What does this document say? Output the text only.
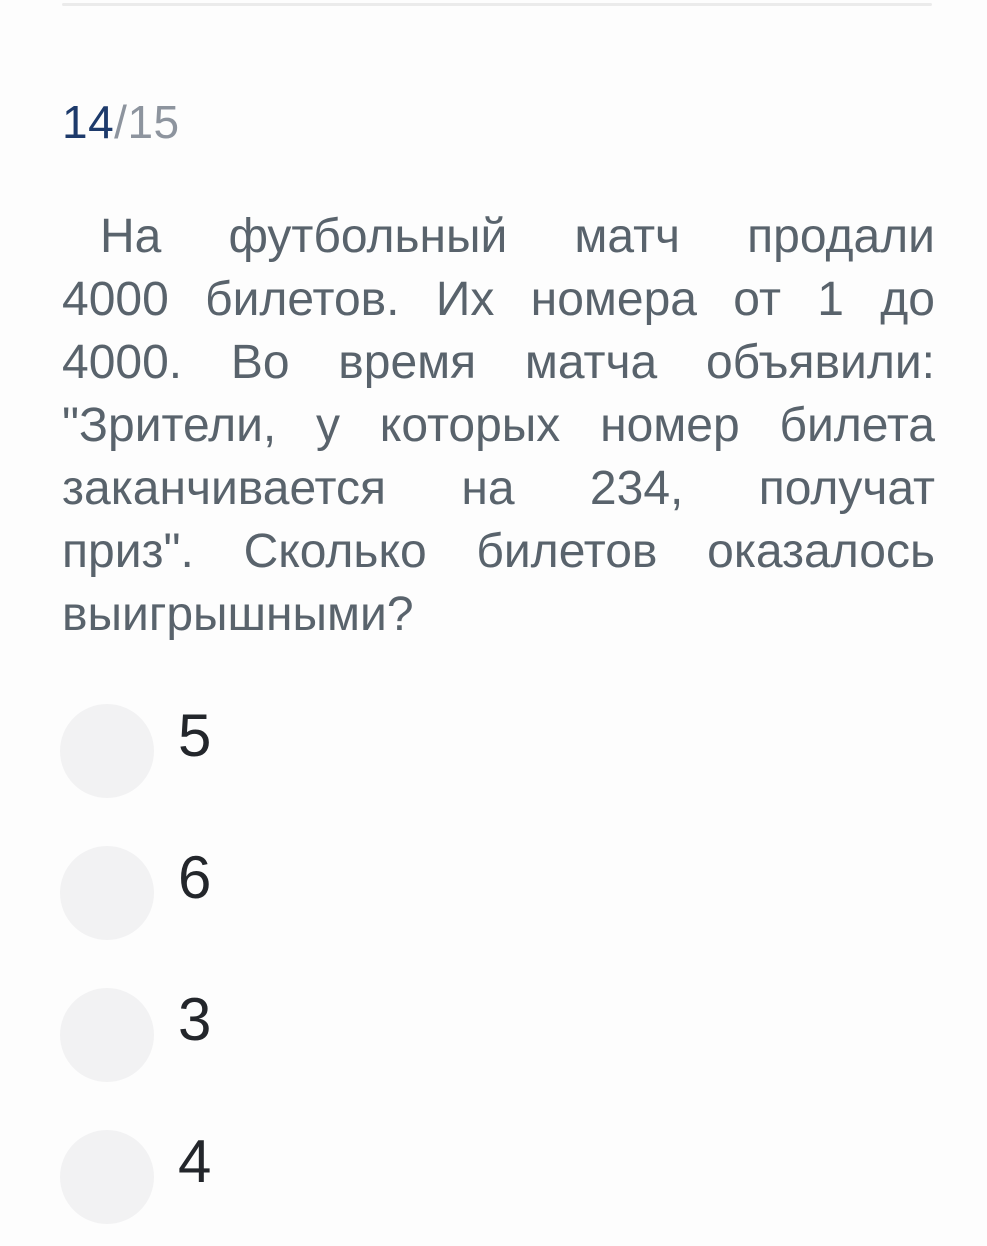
14/15
На футбольный матч продали
4000 билетов. Их номера от 1 до
4000. Во время матча объявили:
"Зрители, у которых номер билета
заканчивается на 234, получат
приз". Сколько билетов оказалось
выигрышными?
5
6
3
4
